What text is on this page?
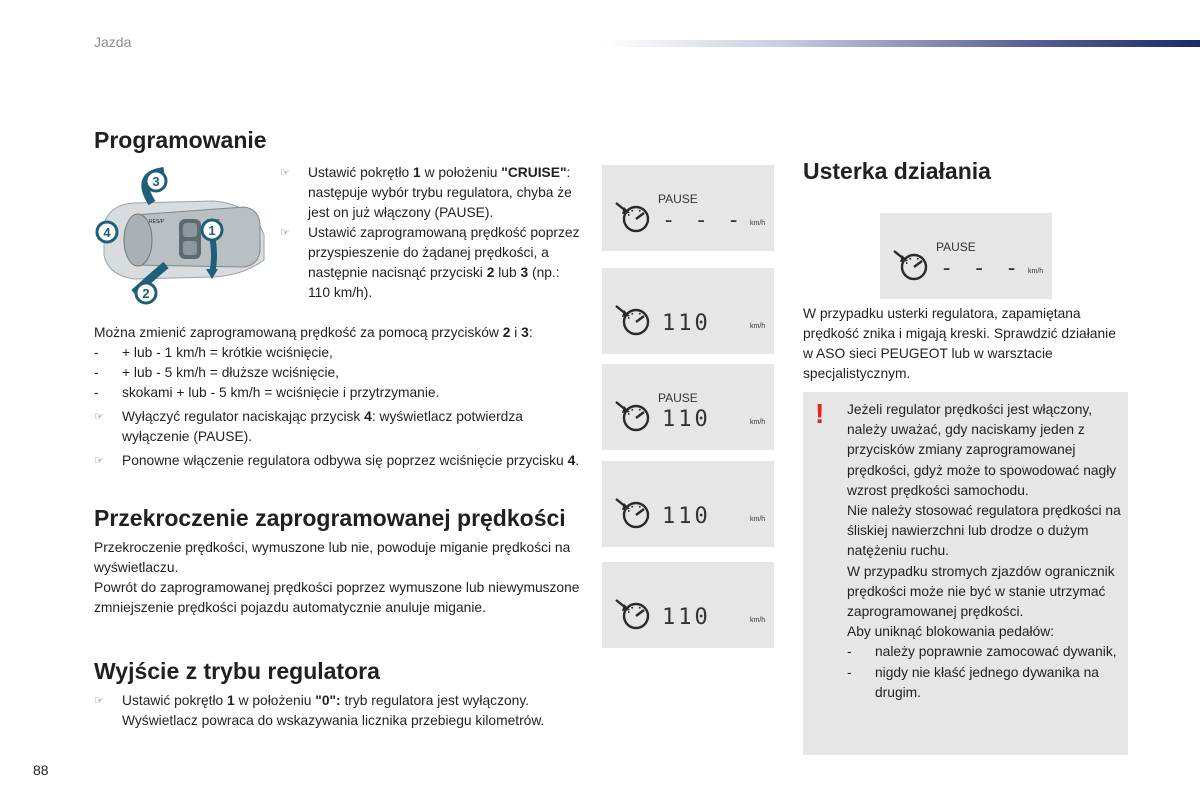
Jazda
Programowanie
RES/P
3
4	1
2
☞ Ustawić pokrętło 1 w położeniu "CRUISE": następuje wybór trybu regulatora, chyba że jest on już włączony (PAUSE).
☞ Ustawić zaprogramowaną prędkość poprzez przyspieszenie do żądanej prędkości, a następnie nacisnąć przyciski 2 lub 3 (np.: 110 km/h).
Można zmienić zaprogramowaną prędkość za pomocą przycisków 2 i 3:
- + lub - 1 km/h = krótkie wciśnięcie,
- + lub - 5 km/h = dłuższe wciśnięcie,
- skokami + lub - 5 km/h = wciśnięcie i przytrzymanie.
☞ Wyłączyć regulator naciskając przycisk 4: wyświetlacz potwierdza wyłączenie (PAUSE).
☞ Ponowne włączenie regulatora odbywa się poprzez wciśnięcie przycisku 4.
Przekroczenie zaprogramowanej prędkości

Przekroczenie prędkości, wymuszone lub nie, powoduje miganie prędkości na wyświetlaczu.

Powrót do zaprogramowanej prędkości poprzez wymuszone lub niewymuszone zmniejszenie prędkości pojazdu automatycznie anuluje miganie.

Wyjście z trybu regulatora
☞ Ustawić pokrętło 1 w położeniu "0": tryb regulatora jest wyłączony. Wyświetlacz powraca do wskazywania licznika przebiegu kilometrów.
PAUSE
- - - km/h
110	km/h
PAUSE
110	km/h
110	km/h
110	km/h
Usterka działania
PAUSE
- - - km/h
W przypadku usterki regulatora, zapamiętana prędkość znika i migają kreski. Sprawdzić działanie w ASO sieci PEUGEOT lub w warsztacie specjalistycznym.
! Jeżeli regulator prędkości jest włączony, należy uważać, gdy naciskamy jeden z przycisków zmiany zaprogramowanej prędkości, gdyż może to spowodować nagły wzrost prędkości samochodu.
Nie należy stosować regulatora prędkości na śliskiej nawierzchni lub drodze o dużym natężeniu ruchu.
W przypadku stromych zjazdów ogranicznik prędkości może nie być w stanie utrzymać zaprogramowanej prędkości.
Aby uniknąć blokowania pedałów:
- należy poprawnie zamocować dywanik,
- nigdy nie kłaść jednego dywanika na drugim.
88
